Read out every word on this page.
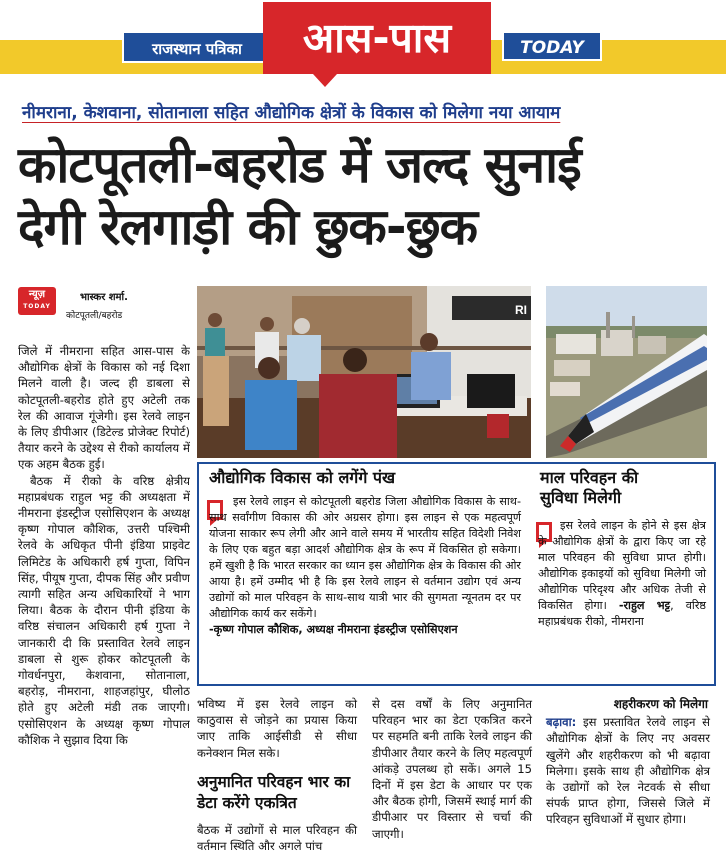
राजस्थान पत्रिका	आस-पास	TODAY
नीमराना, केशवाना, सोतानाला सहित औद्योगिक क्षेत्रों के विकास को मिलेगा नया आयाम
कोटपूतली-बहरोड में जल्द सुनाई
देगी रेलगाड़ी की छुक-छुक
न्यूज़
TODAY
भास्कर शर्मा.
कोटपूतली/बहरोड

जिले में नीमराना सहित आस-पास के औद्योगिक क्षेत्रों के विकास को नई दिशा मिलने वाली है। जल्द ही डाबला से कोटपूतली-बहरोड होते हुए अटेली तक रेल की आवाज गूंजेगी। इस रेलवे लाइन के लिए डीपीआर (डिटेल्ड प्रोजेक्ट रिपोर्ट) तैयार करने के उद्देश्य से रीको कार्यालय में एक अहम बैठक हुई।

बैठक में रीको के वरिष्ठ क्षेत्रीय महाप्रबंधक राहुल भट्ट की अध्यक्षता में नीमराना इंडस्ट्रीज एसोसिएशन के अध्यक्ष कृष्ण गोपाल कौशिक, उत्तरी पश्चिमी रेलवे के अधिकृत पीनी इंडिया प्राइवेट लिमिटेड के अधिकारी हर्ष गुप्ता, विपिन सिंह, पीयूष गुप्ता, दीपक सिंह और प्रवीण त्यागी सहित अन्य अधिकारियों ने भाग लिया। बैठक के दौरान पीनी इंडिया के वरिष्ठ संचालन अधिकारी हर्ष गुप्ता ने जानकारी दी कि प्रस्तावित रेलवे लाइन डाबला से शुरू होकर कोटपूतली के गोवर्धनपुरा, केशवाना, सोतानाला, बहरोड़, नीमराना, शाहजहांपुर, घीलोठ होते हुए अटेली मंडी तक जाएगी। एसोसिएशन के अध्यक्ष कृष्ण गोपाल कौशिक ने सुझाव दिया कि

RI
औद्योगिक विकास को लगेंगे पंख
इस रेलवे लाइन से कोटपूतली बहरोड जिला औद्योगिक विकास के साथ-साथ सर्वांगीण विकास की ओर अग्रसर होगा। इस लाइन से एक महत्वपूर्ण योजना साकार रूप लेगी और आने वाले समय में भारतीय सहित विदेशी निवेश के लिए एक बहुत बड़ा आदर्श औद्योगिक क्षेत्र के रूप में विकसित हो सकेगा। हमें खुशी है कि भारत सरकार का ध्यान इस औद्योगिक क्षेत्र के विकास की ओर आया है। हमें उम्मीद भी है कि इस रेलवे लाइन से वर्तमान उद्योग एवं अन्य उद्योगों को माल परिवहन के साथ-साथ यात्री भार की सुगमता न्यूनतम दर पर औद्योगिक कार्य कर सकेंगे।
-कृष्ण गोपाल कौशिक, अध्यक्ष नीमराना इंडस्ट्रीज एसोसिएशन
माल परिवहन की
सुविधा मिलेगी
इस रेलवे लाइन के होने से इस क्षेत्र के औद्योगिक क्षेत्रों के द्वारा किए जा रहे माल परिवहन की सुविधा प्राप्त होगी। औद्योगिक इकाइयों को सुविधा मिलेगी जो औद्योगिक परिदृश्य और अधिक तेजी से विकसित होगा। -राहुल भट्ट, वरिष्ठ महाप्रबंधक रीको, नीमराना
भविष्य में इस रेलवे लाइन को काठुवास से जोड़ने का प्रयास किया जाए ताकि आईसीडी से सीधा कनेक्शन मिल सके।
अनुमानित परिवहन भार का डेटा करेंगे एकत्रित
बैठक में उद्योगों से माल परिवहन की वर्तमान स्थिति और अगले पांच
से दस वर्षों के लिए अनुमानित परिवहन भार का डेटा एकत्रित करने पर सहमति बनी ताकि रेलवे लाइन की डीपीआर तैयार करने के लिए महत्वपूर्ण आंकड़े उपलब्ध हो सकें। अगले 15 दिनों में इस डेटा के आधार पर एक और बैठक होगी, जिसमें स्थाई मार्ग की डीपीआर पर विस्तार से चर्चा की जाएगी।
शहरीकरण को मिलेगा
बढ़ावा: इस प्रस्तावित रेलवे लाइन से औद्योगिक क्षेत्रों के लिए नए अवसर खुलेंगे और शहरीकरण को भी बढ़ावा मिलेगा। इसके साथ ही औद्योगिक क्षेत्र के उद्योगों को रेल नेटवर्क से सीधा संपर्क प्राप्त होगा, जिससे जिले में परिवहन सुविधाओं में सुधार होगा।
